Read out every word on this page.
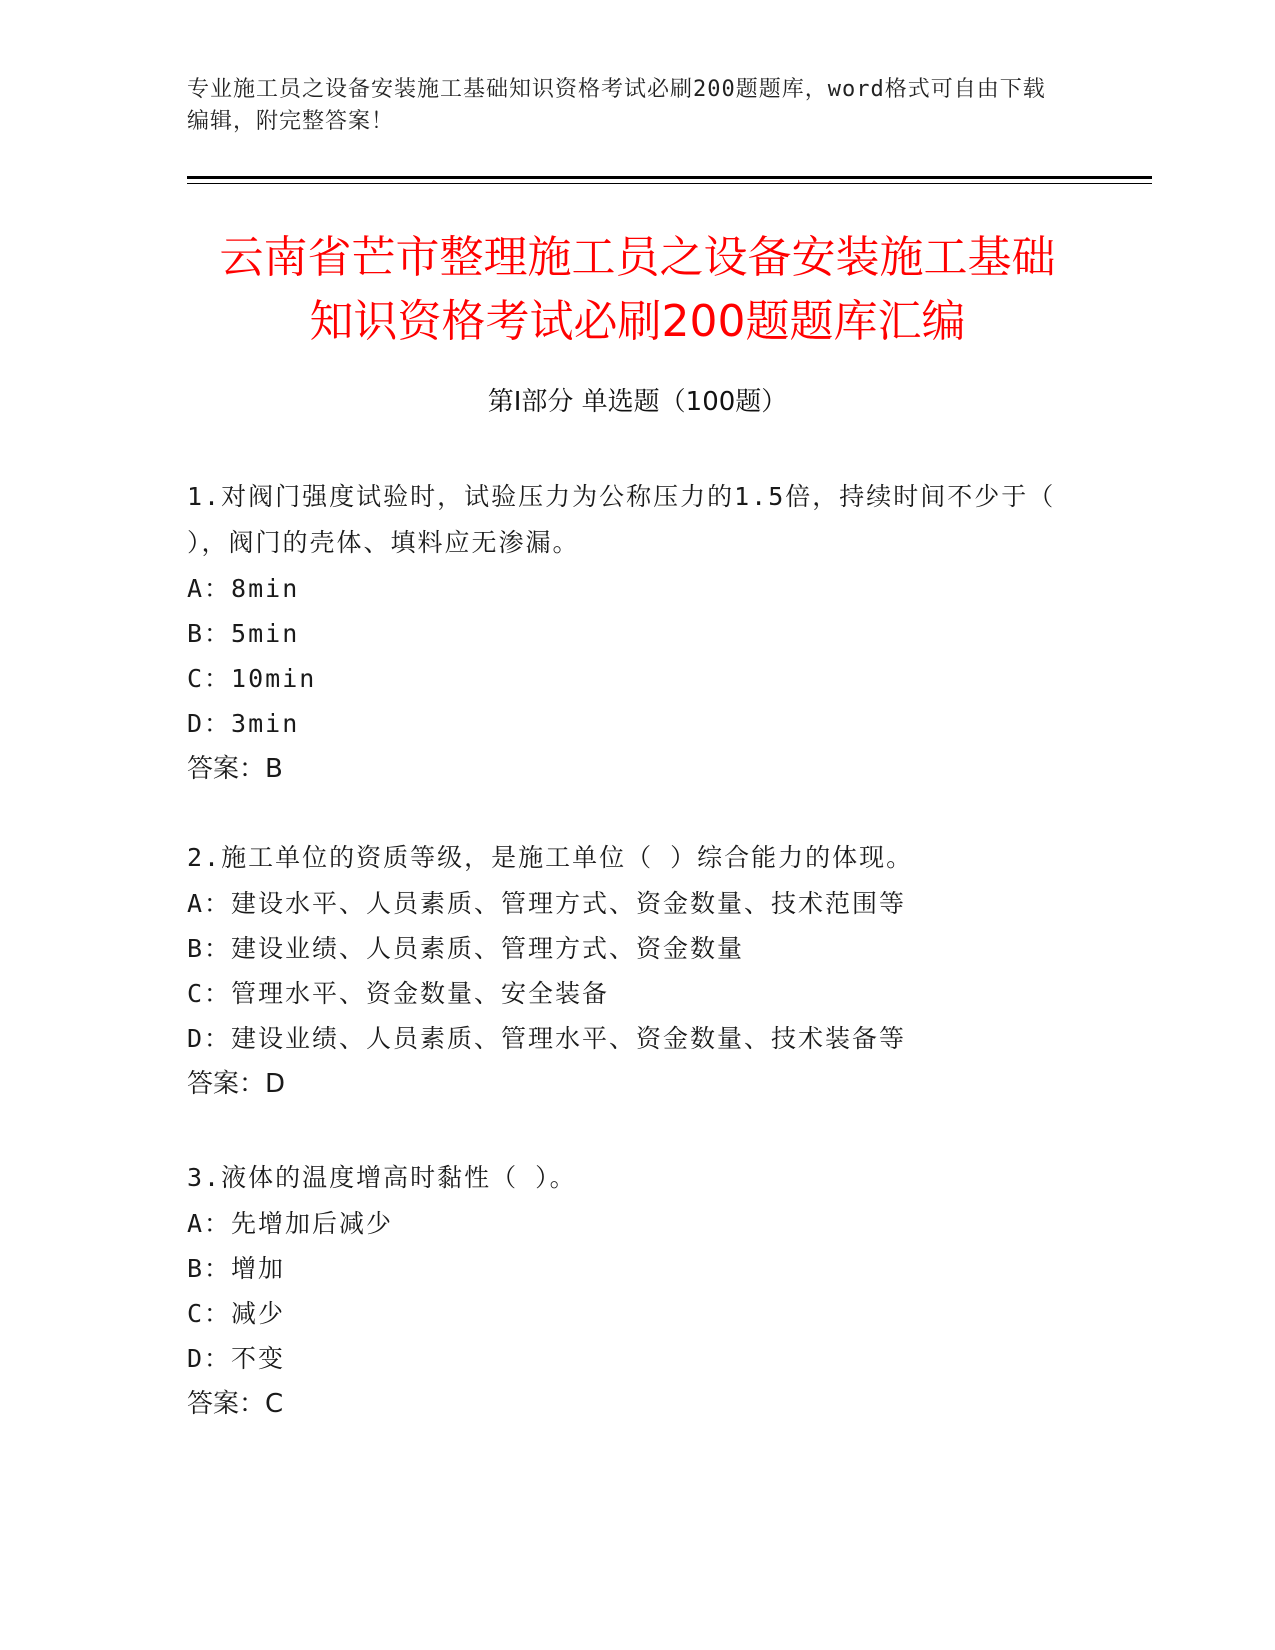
专业施工员之设备安装施工基础知识资格考试必刷200题题库，word格式可自由下载编辑，附完整答案！
云南省芒市整理施工员之设备安装施工基础
知识资格考试必刷200题题库汇编
第Ⅰ部分 单选题（100题）

1.对阀门强度试验时，试验压力为公称压力的1.5倍，持续时间不少于（ ），阀门的壳体、填料应无渗漏。

A：8min

B：5min

C：10min

D：3min

答案：B

2.施工单位的资质等级，是施工单位（ ）综合能力的体现。

A：建设水平、人员素质、管理方式、资金数量、技术范围等

B：建设业绩、人员素质、管理方式、资金数量

C：管理水平、资金数量、安全装备

D：建设业绩、人员素质、管理水平、资金数量、技术装备等

答案：D

3.液体的温度增高时黏性（ ）。

A：先增加后减少

B：增加

C：减少

D：不变

答案：C
